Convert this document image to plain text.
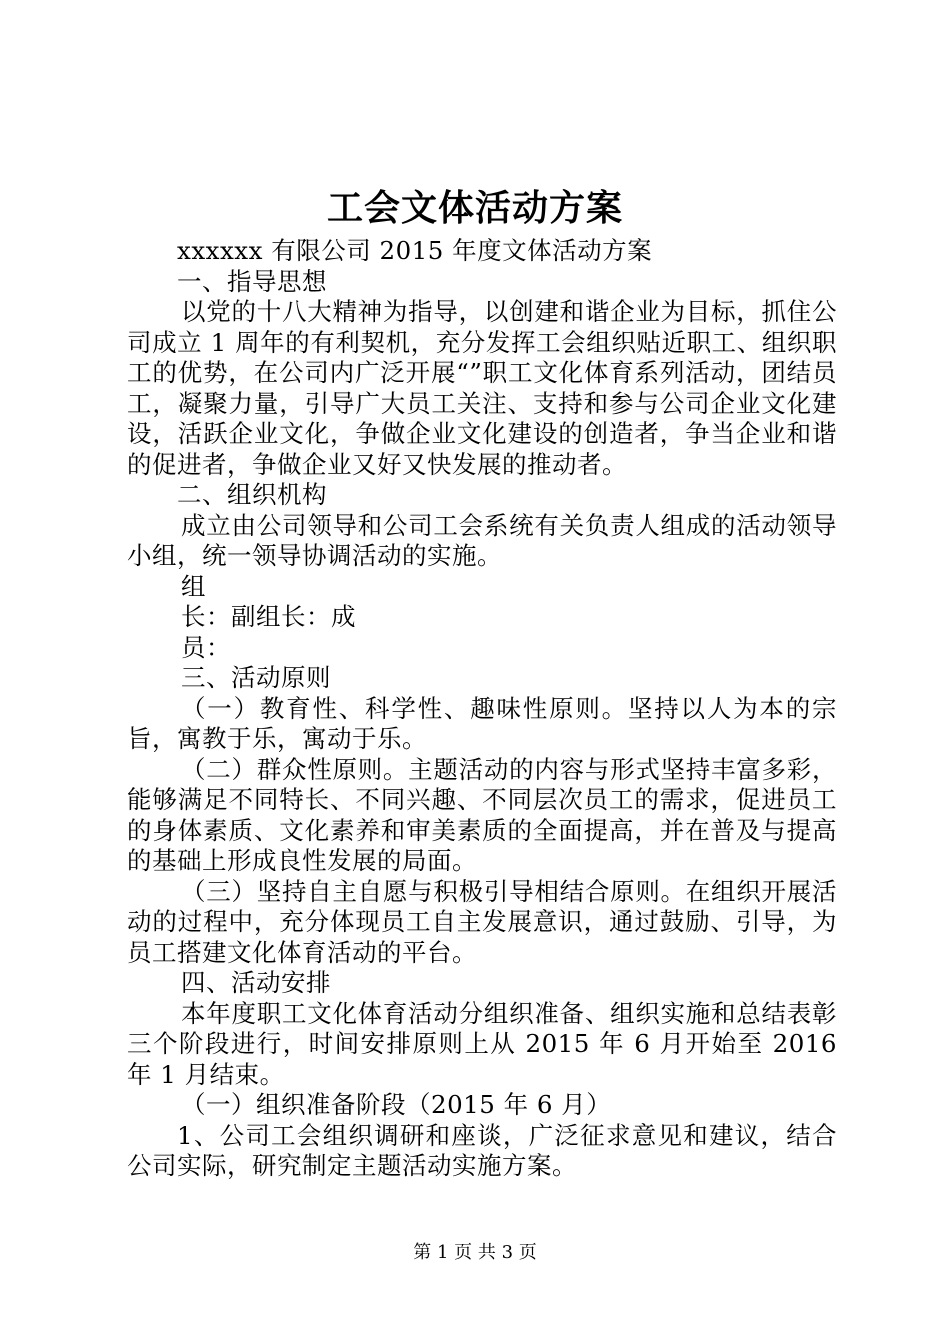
工会文体活动方案

xxxxxx 有限公司 2015 年度文体活动方案

一、指导思想

以党的十八大精神为指导，以创建和谐企业为目标，抓住公司成立 1 周年的有利契机，充分发挥工会组织贴近职工、组织职工的优势，在公司内广泛开展“”职工文化体育系列活动，团结员工，凝聚力量，引导广大员工关注、支持和参与公司企业文化建设，活跃企业文化，争做企业文化建设的创造者，争当企业和谐的促进者，争做企业又好又快发展的推动者。

二、组织机构

成立由公司领导和公司工会系统有关负责人组成的活动领导小组，统一领导协调活动的实施。

组

长：副组长：成

员：

三、活动原则

（一）教育性、科学性、趣味性原则。坚持以人为本的宗旨，寓教于乐，寓动于乐。

（二）群众性原则。主题活动的内容与形式坚持丰富多彩，能够满足不同特长、不同兴趣、不同层次员工的需求，促进员工的身体素质、文化素养和审美素质的全面提高，并在普及与提高的基础上形成良性发展的局面。

（三）坚持自主自愿与积极引导相结合原则。在组织开展活动的过程中，充分体现员工自主发展意识，通过鼓励、引导，为员工搭建文化体育活动的平台。

四、活动安排

本年度职工文化体育活动分组织准备、组织实施和总结表彰三个阶段进行，时间安排原则上从 2015 年 6 月开始至 2016 年 1 月结束。

（一）组织准备阶段（2015 年 6 月）

1、公司工会组织调研和座谈，广泛征求意见和建议，结合公司实际，研究制定主题活动实施方案。

第 1 页 共 3 页
